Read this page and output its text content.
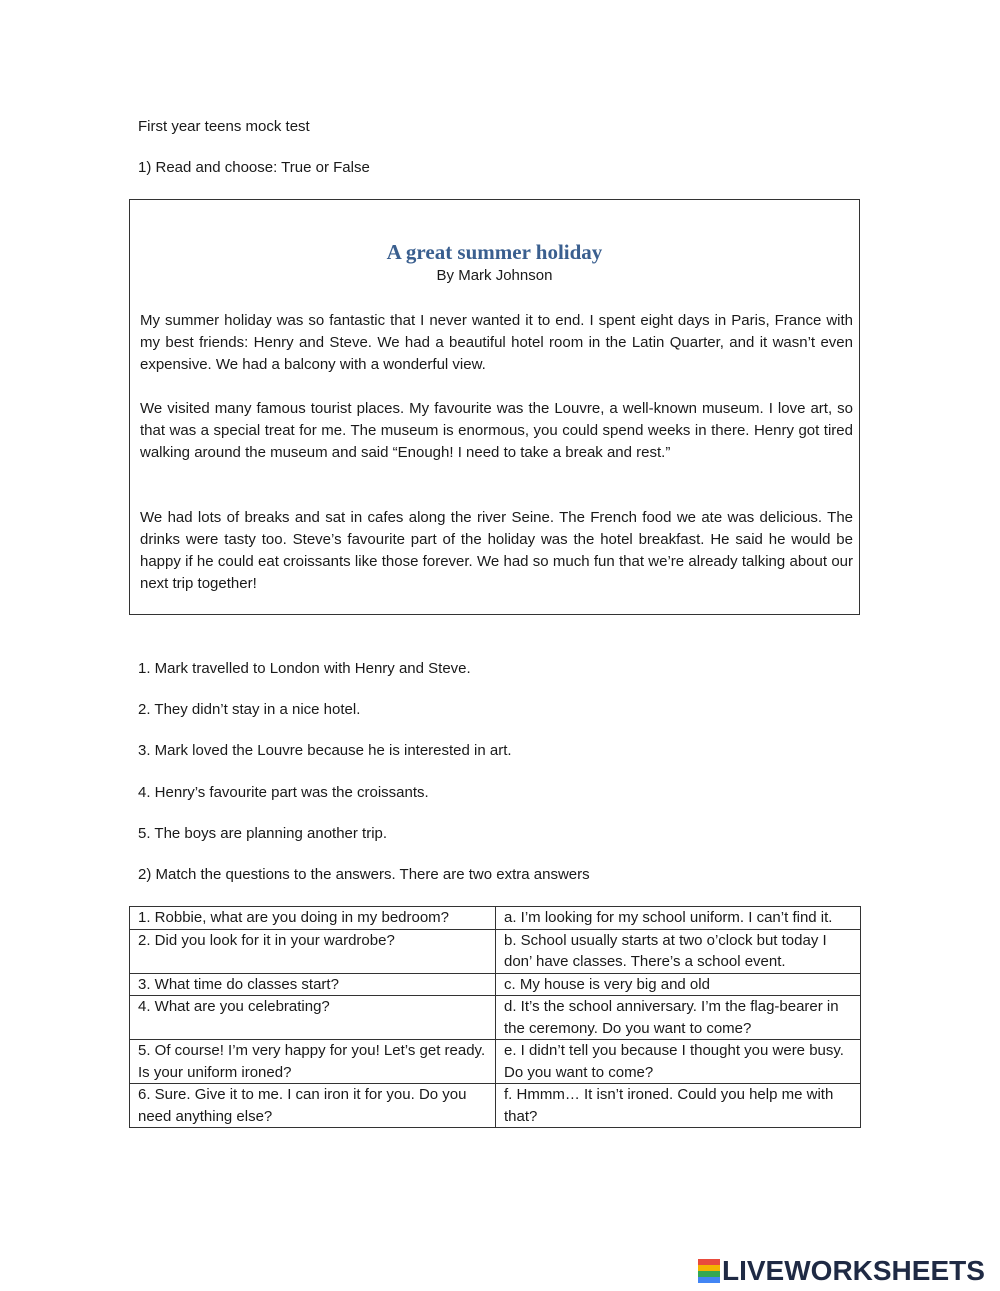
First year teens mock test
1) Read and choose: True or False
A great summer holiday
By Mark Johnson

My summer holiday was so fantastic that I never wanted it to end. I spent eight days in Paris, France with my best friends: Henry and Steve. We had a beautiful hotel room in the Latin Quarter, and it wasn’t even expensive. We had a balcony with a wonderful view.

We visited many famous tourist places. My favourite was the Louvre, a well-known museum. I love art, so that was a special treat for me. The museum is enormous, you could spend weeks in there. Henry got tired walking around the museum and said “Enough! I need to take a break and rest.”

We had lots of breaks and sat in cafes along the river Seine. The French food we ate was delicious. The drinks were tasty too. Steve’s favourite part of the holiday was the hotel breakfast. He said he would be happy if he could eat croissants like those forever. We had so much fun that we’re already talking about our next trip together!

1. Mark travelled to London with Henry and Steve.
2. They didn’t stay in a nice hotel.
3. Mark loved the Louvre because he is interested in art.
4. Henry’s favourite part was the croissants.
5. The boys are planning another trip.
2) Match the questions to the answers. There are two extra answers
1. Robbie, what are you doing in my bedroom?	a. I’m looking for my school uniform. I can’t find it.
2. Did you look for it in your wardrobe?	b. School usually starts at two o’clock but today I don’ have classes. There’s a school event.
3. What time do classes start?	c. My house is very big and old
4. What are you celebrating?	d. It’s the school anniversary. I’m the flag-bearer in the ceremony. Do you want to come?
5. Of course! I’m very happy for you! Let’s get ready. Is your uniform ironed?	e. I didn’t tell you because I thought you were busy. Do you want to come?
6. Sure. Give it to me. I can iron it for you. Do you need anything else?	f. Hmmm… It isn’t ironed. Could you help me with that?
LIVEWORKSHEETS
